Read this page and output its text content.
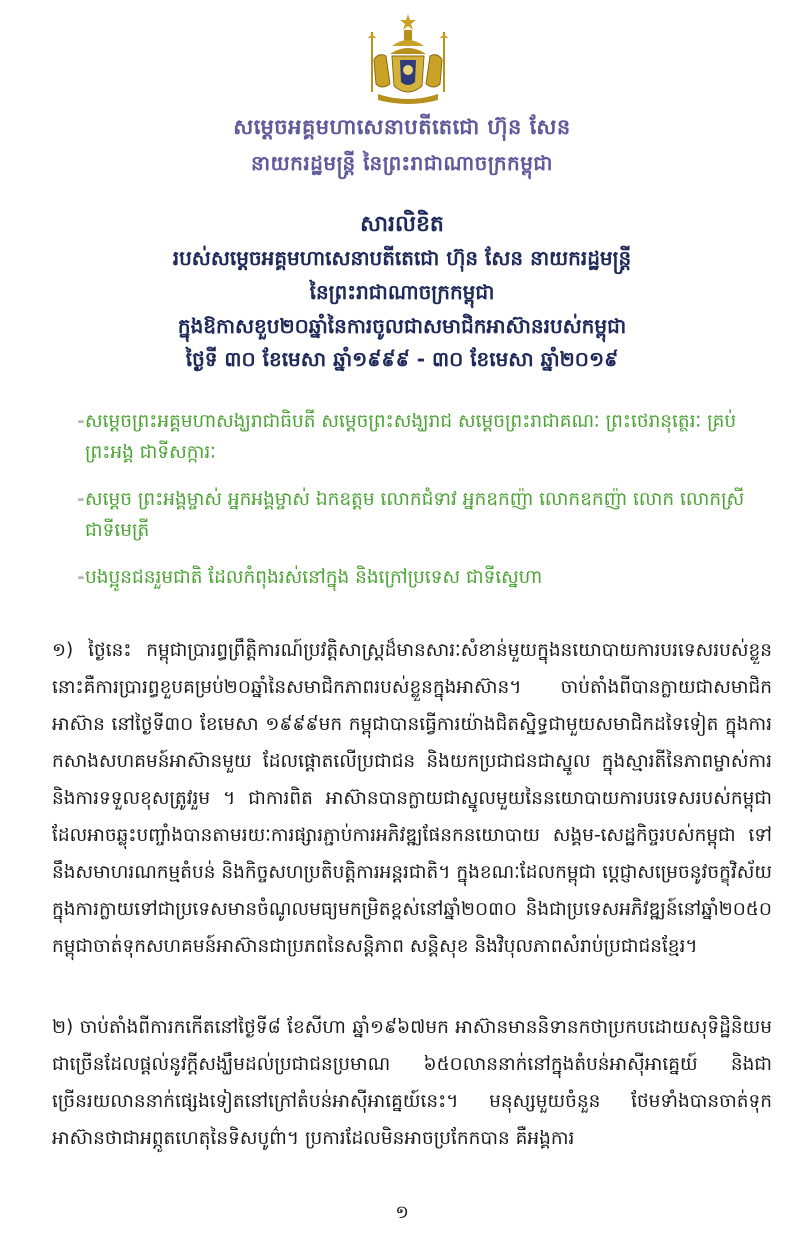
សម្តេចអគ្គមហាសេនាបតីតេជោ ហ៊ុន សែន
នាយករដ្ឋមន្ត្រី នៃព្រះរាជាណាចក្រកម្ពុជា
សារលិខិត
របស់សម្តេចអគ្គមហាសេនាបតីតេជោ ហ៊ុន សែន នាយករដ្ឋមន្ត្រី
នៃព្រះរាជាណាចក្រកម្ពុជា
ក្នុងឱកាសខួប២០ឆ្នាំនៃការចូលជាសមាជិកអាស៊ានរបស់កម្ពុជា
ថ្ងៃទី ៣០ ខែមេសា ឆ្នាំ១៩៩៩ - ៣០ ខែមេសា ឆ្នាំ២០១៩
- សម្តេចព្រះអគ្គមហាសង្ឃរាជាធិបតី សម្តេចព្រះសង្ឃរាជ សម្តេចព្រះរាជាគណៈ ព្រះថេរានុត្ថេរៈ គ្រប់ព្រះអង្គ ជាទីសក្ការៈ
- សម្តេច ព្រះអង្គម្ចាស់ អ្នកអង្គម្ចាស់ ឯកឧត្តម លោកជំទាវ អ្នកឧកញ៉ា លោកឧកញ៉ា លោក លោកស្រី ជាទីមេត្រី
- បងប្អូនជនរួមជាតិ ដែលកំពុងរស់នៅក្នុង និងក្រៅប្រទេស ជាទីស្នេហា
១) ថ្ងៃនេះ កម្ពុជាប្រារព្ធព្រឹត្តិការណ៍ប្រវត្តិសាស្ត្រដ៏មានសារៈសំខាន់មួយក្នុងនយោបាយការបរទេសរបស់ខ្លួន នោះគឺការប្រារព្ធខួបគម្រប់២០ឆ្នាំនៃសមាជិកភាពរបស់ខ្លួនក្នុងអាស៊ាន។ ចាប់តាំងពីបានក្លាយជាសមាជិកអាស៊ាន នៅថ្ងៃទី៣០ ខែមេសា ១៩៩៩មក កម្ពុជាបានធ្វើការយ៉ាងជិតស្និទ្ធជាមួយសមាជិកដទៃទៀត ក្នុងការកសាងសហគមន៍អាស៊ានមួយ ដែលផ្តោតលើប្រជាជន និងយកប្រជាជនជាស្នូល ក្នុងស្មារតីនៃភាពម្ចាស់ការ និងការទទួលខុសត្រូវរួម ។ ជាការពិត អាស៊ានបានក្លាយជាស្នូលមួយនៃនយោបាយការបរទេសរបស់កម្ពុជា ដែលអាចឆ្លុះបញ្ចាំងបានតាមរយៈការផ្សារភ្ជាប់ការអភិវឌ្ឍផែនកនយោបាយ សង្គម-សេដ្ឋកិច្ចរបស់កម្ពុជា ទៅនឹងសមាហរណកម្មតំបន់ និងកិច្ចសហប្រតិបត្តិការអន្តរជាតិ។ ក្នុងខណៈដែលកម្ពុជា ប្តេជ្ញាសម្រេចនូវចក្ខុវិស័យក្នុងការក្លាយទៅជាប្រទេសមានចំណូលមធ្យមកម្រិតខ្ពស់នៅឆ្នាំ២០៣០ និងជាប្រទេសអភិវឌ្ឍន៍នៅឆ្នាំ២០៥០ កម្ពុជាចាត់ទុកសហគមន៍អាស៊ានជាប្រភពនៃសន្តិភាព សន្តិសុខ និងវិបុលភាពសំរាប់ប្រជាជនខ្មែរ។
២) ចាប់តាំងពីការកកើតនៅថ្ងៃទី៨ ខែសីហា ឆ្នាំ១៩៦៧មក អាស៊ានមាននិទានកថាប្រកបដោយសុទិដ្ឋិនិយមជាច្រើនដែលផ្តល់នូវក្តីសង្ឃឹមដល់ប្រជាជនប្រមាណ ៦៥០លាននាក់នៅក្នុងតំបន់អាស៊ីអាគ្នេយ៍ និងជាច្រើនរយលាននាក់ផ្សេងទៀតនៅក្រៅតំបន់អាស៊ីអាគ្នេយ៍នេះ។ មនុស្សមួយចំនួន ថែមទាំងបានចាត់ទុកអាស៊ានថាជាអព្ភូតហេតុនៃទិសបូព៌ា។ ប្រការដែលមិនអាចប្រកែកបាន គឺអង្គការ
១
